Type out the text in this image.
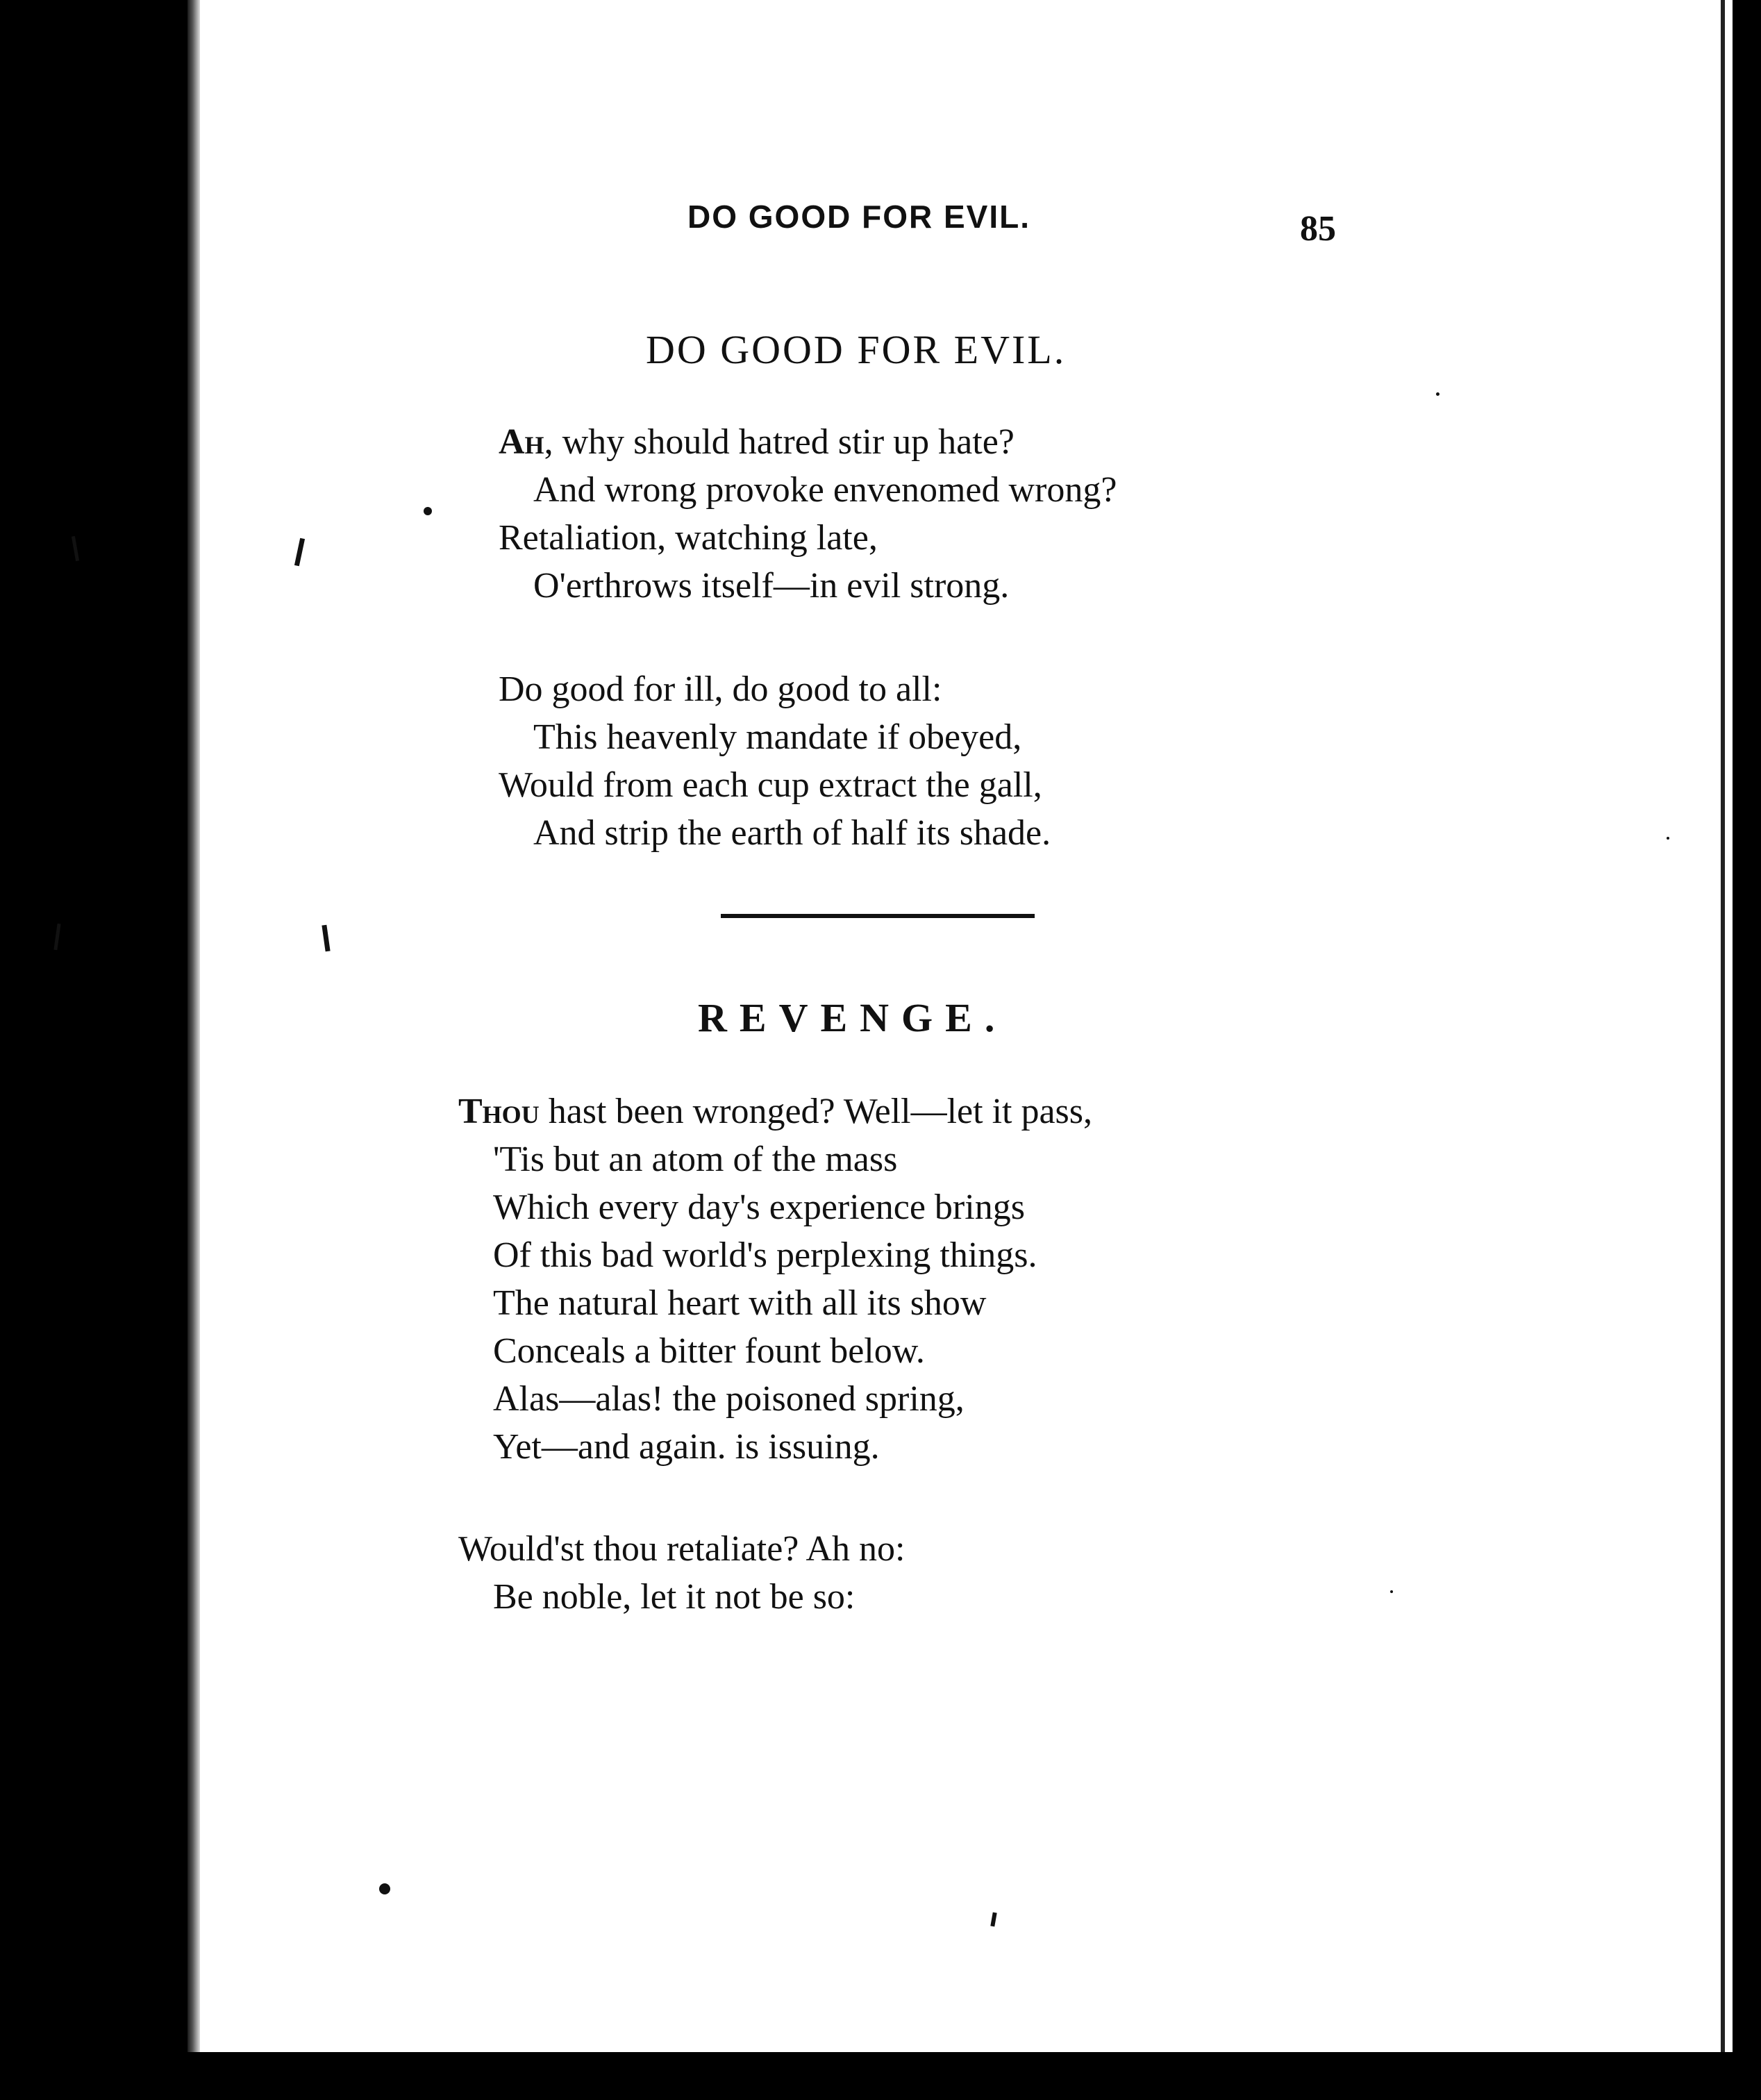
DO GOOD FOR EVIL.	85
DO GOOD FOR EVIL.
Ah, why should hatred stir up hate?
And wrong provoke envenomed wrong?
Retaliation, watching late,
O'erthrows itself—in evil strong.
Do good for ill, do good to all:
This heavenly mandate if obeyed,
Would from each cup extract the gall,
And strip the earth of half its shade.
REVENGE.
Thou hast been wronged? Well—let it pass,
'Tis but an atom of the mass
Which every day's experience brings
Of this bad world's perplexing things.
The natural heart with all its show
Conceals a bitter fount below.
Alas—alas! the poisoned spring,
Yet—and again. is issuing.
Would'st thou retaliate? Ah no:
Be noble, let it not be so:
